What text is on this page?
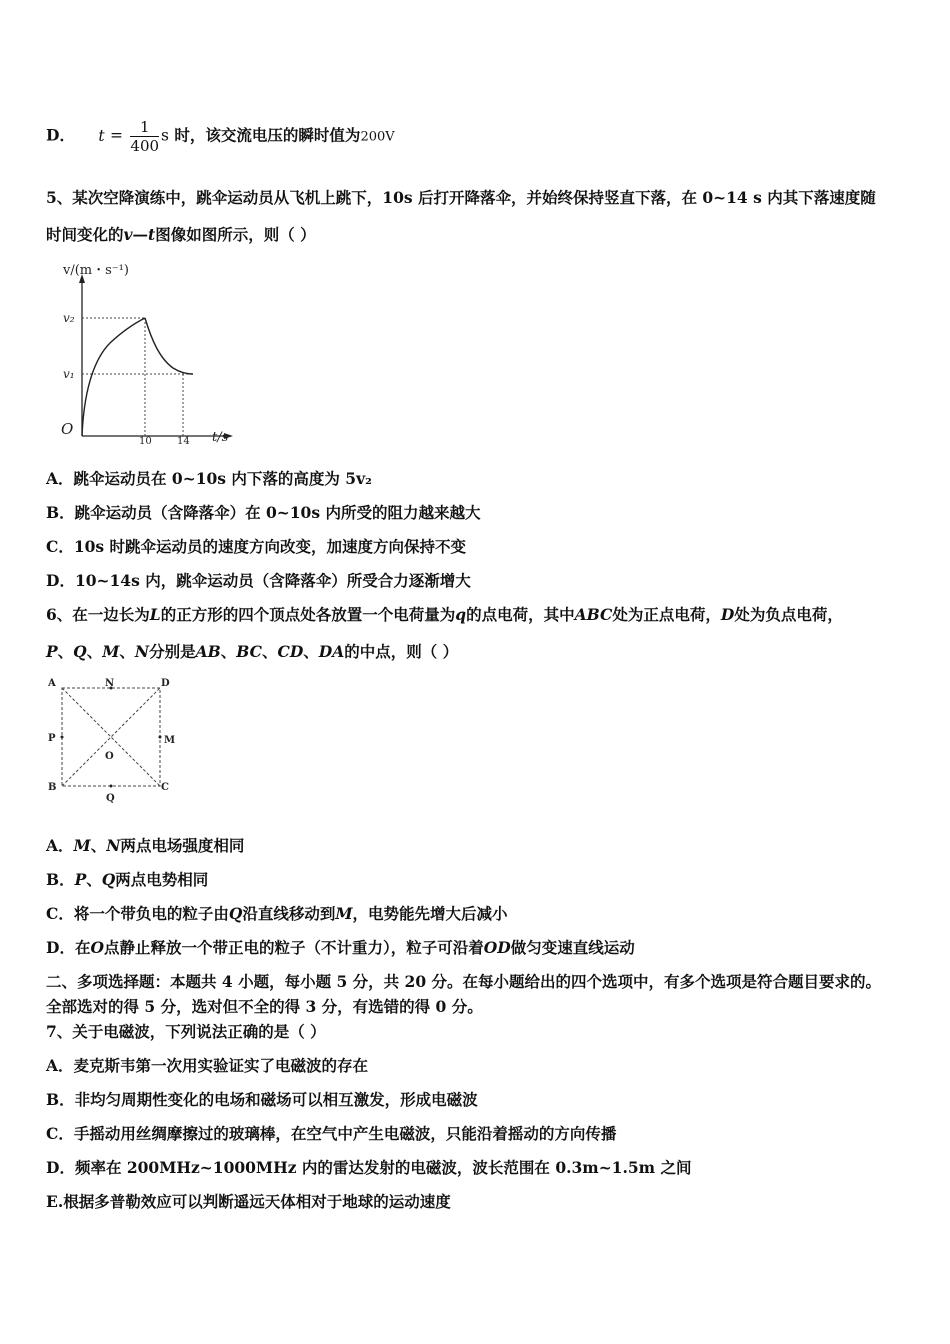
D． $t = \frac{1}{400}$ s 时，该交流电压的瞬时值为200V
5、某次空降演练中，跳伞运动员从飞机上跳下，10s 后打开降落伞，并始终保持竖直下落，在 0~14 s 内其下落速度随
时间变化的v—t图像如图所示，则（ ）
v/(m・s⁻¹)
v₂
v₁
O
10	14 t/s
A．跳伞运动员在 0~10s 内下落的高度为 5v₂
B．跳伞运动员（含降落伞）在 0~10s 内所受的阻力越来越大
C．10s 时跳伞运动员的速度方向改变，加速度方向保持不变
D．10~14s 内，跳伞运动员（含降落伞）所受合力逐渐增大
6、在一边长为L的正方形的四个顶点处各放置一个电荷量为q的点电荷，其中ABC处为正点电荷，D处为负点电荷，
P、Q、M、N分别是AB、BC、CD、DA的中点，则（ ）
A	N	D
P	M
O
B
Q
C
A．M、N两点电场强度相同
B．P、Q两点电势相同
C．将一个带负电的粒子由Q沿直线移动到M，电势能先增大后减小
D．在O点静止释放一个带正电的粒子（不计重力），粒子可沿着OD做匀变速直线运动
二、多项选择题：本题共 4 小题，每小题 5 分，共 20 分。在每小题给出的四个选项中，有多个选项是符合题目要求的。
全部选对的得 5 分，选对但不全的得 3 分，有选错的得 0 分。
7、关于电磁波，下列说法正确的是（ ）
A．麦克斯韦第一次用实验证实了电磁波的存在
B．非均匀周期性变化的电场和磁场可以相互激发，形成电磁波
C．手摇动用丝绸摩擦过的玻璃棒，在空气中产生电磁波，只能沿着摇动的方向传播
D．频率在 200MHz~1000MHz 内的雷达发射的电磁波，波长范围在 0.3m~1.5m 之间
E.根据多普勒效应可以判断遥远天体相对于地球的运动速度
